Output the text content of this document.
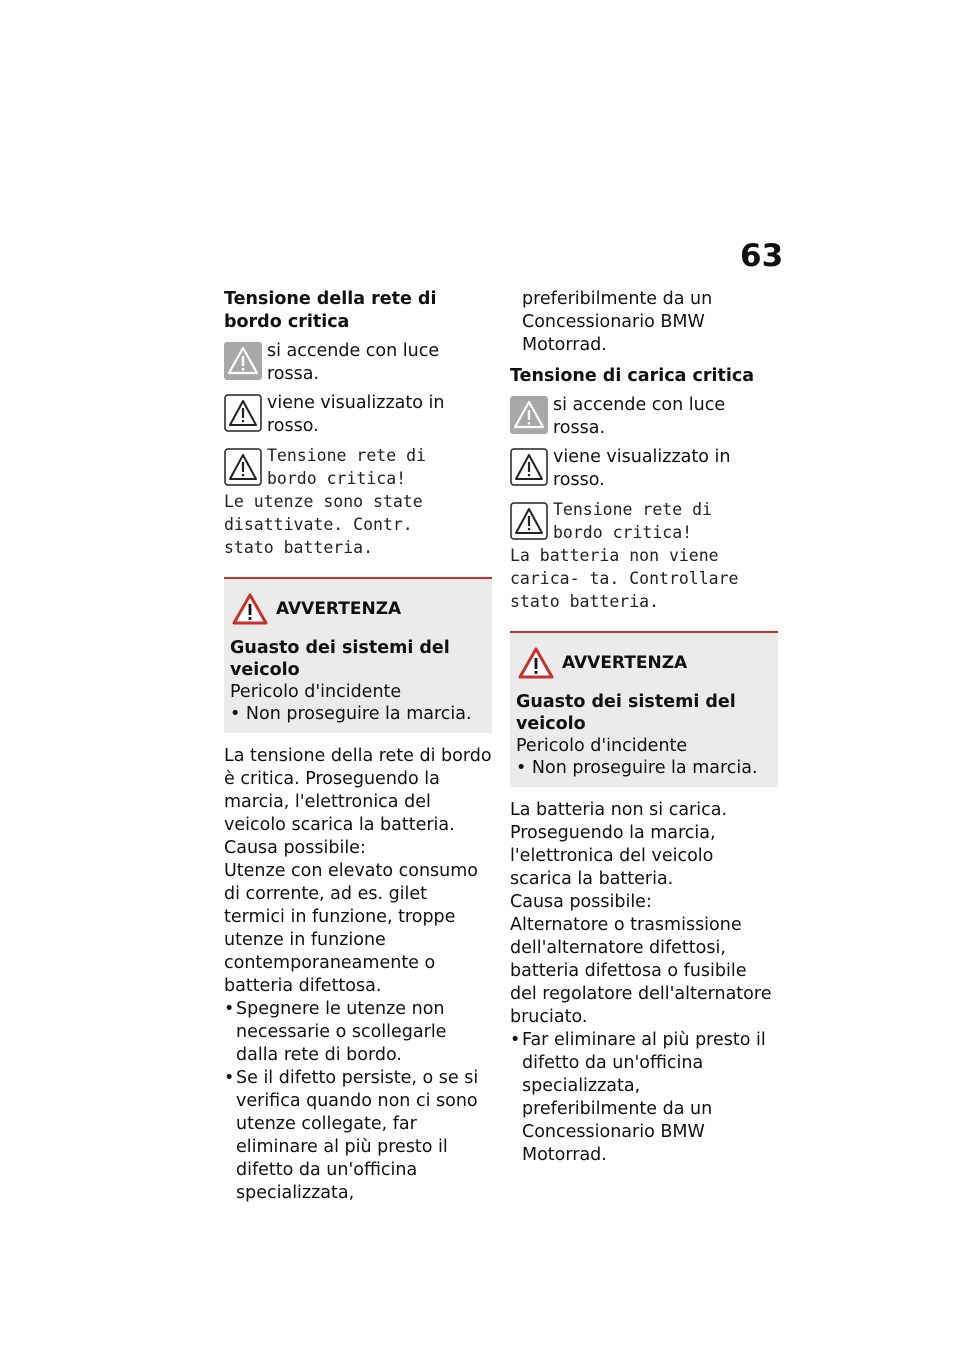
63
Tensione della rete di bordo critica
si accende con luce rossa.
viene visualizzato in rosso.
Tensione rete di
bordo critica!
Le utenze sono state
disattivate. Contr.
stato batteria.
AVVERTENZA
Guasto dei sistemi del veicolo
Pericolo d'incidente
• Non proseguire la marcia.

La tensione della rete di bordo è critica. Proseguendo la marcia, l'elettronica del veicolo scarica la batteria.

Causa possibile:

Utenze con elevato consumo di corrente, ad es. gilet termici in funzione, troppe utenze in funzione contemporaneamente o batteria difettosa.

• Spegnere le utenze non necessarie o scollegarle dalla rete di bordo.
• Se il difetto persiste, o se si verifica quando non ci sono utenze collegate, far eliminare al più presto il difetto da un'officina specializzata,

preferibilmente da un Concessionario BMW Motorrad.

Tensione di carica critica
si accende con luce rossa.
viene visualizzato in rosso.
Tensione rete di
bordo critica!
La batteria non viene
carica- ta. Controllare
stato batteria.
AVVERTENZA
Guasto dei sistemi del veicolo
Pericolo d'incidente
• Non proseguire la marcia.

La batteria non si carica. Proseguendo la marcia, l'elettronica del veicolo scarica la batteria.

Causa possibile:

Alternatore o trasmissione dell'alternatore difettosi, batteria difettosa o fusibile del regolatore dell'alternatore bruciato.

• Far eliminare al più presto il difetto da un'officina specializzata, preferibilmente da un Concessionario BMW Motorrad.
